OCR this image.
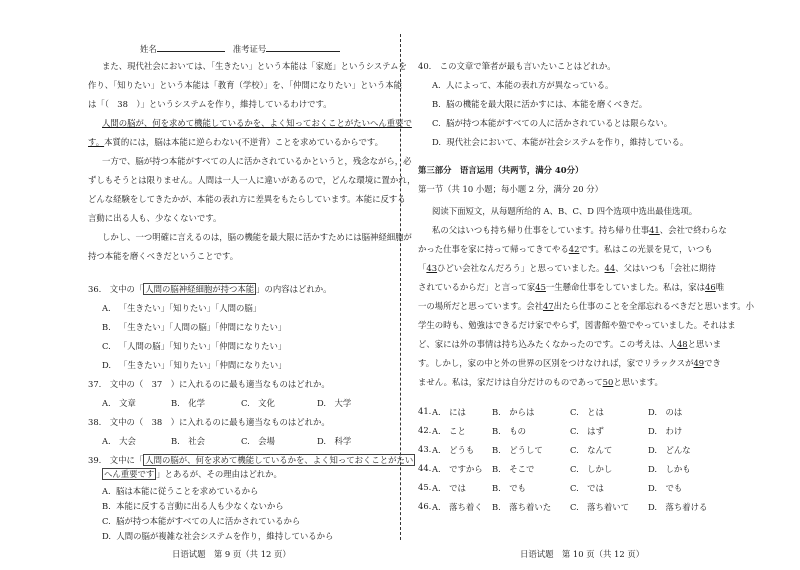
姓名	准考证号
また、現代社会においては、「生きたい」という本能は「家庭」というシステムを
作り、「知りたい」という本能は「教育（学校）」を、「仲間になりたい」という本能
は「（　38　）」というシステムを作り，維持しているわけです。
人間の脳が、何を求めて機能しているかを、よく知っておくことがたいへん重要で
す。本質的には，脳は本能に逆らわない(不逆背）ことを求めているからです。
一方で、脳が持つ本能がすべての人に活かされているかというと，残念ながら，必
ずしもそうとは限りません。人間は一人一人に違いがあるので，どんな環境に置かれ，
どんな経験をしてきたかが、本能の表れ方に差異をもたらしています。本能に反する
言動に出る人も、少なくないです。
しかし、一つ明確に言えるのは，脳の機能を最大限に活かすためには脳神経細胞が
持つ本能を磨くべきだということです。
36.　文中の「 人間の脳神経細胞が持つ本能 」の内容はどれか。
A. 「生きたい」「知りたい」「人間の脳」
B. 「生きたい」「人間の脳」「仲間になりたい」
C. 「人間の脳」「知りたい」「仲間になりたい」
D. 「生きたい」「知りたい」「仲間になりたい」
37.　文中の（　37　）に入れるのに最も適当なものはどれか。
A.　文章	B.　化学	C.　文化	D.　大学
38.　文中の（　38　）に入れるのに最も適当なものはどれか。
A.　大会	B.　社会	C.　会場	D.　科学
39.　文中に「 人間の脳が、何を求めて機能しているかを、よく知っておくことがたい
へん重要です 」とあるが、その理由はどれか。
A. 脳は本能に従うことを求めているから
B. 本能に反する言動に出る人も少なくないから
C. 脳が持つ本能がすべての人に活かされているから
D. 人間の脳が複雑な社会システムを作り，維持しているから
日语试题　第 9 页（共 12 页）
40.　この文章で筆者が最も言いたいことはどれか。
A. 人によって、本能の表れ方が異なっている。
B. 脳の機能を最大限に活かすには、本能を磨くべきだ。
C. 脳が持つ本能がすべての人に活かされているとは限らない。
D. 現代社会において、本能が社会システムを作り，維持している。
第三部分　语言运用（共两节，满分 40分）
第一节（共 10 小题；每小题 2 分，满分 20 分）
阅读下面短文，从每题所给的 A、B、C、D 四个选项中选出最佳选项。
私の父はいつも持ち帰り仕事をしています。持ち帰り仕事41、会社で終わらな
かった仕事を家に持って帰ってきてやる42です。私はこの光景を見て，いつも
「43ひどい会社なんだろう」と思っていました。44、父はいつも「会社に期待
されているからだ」と言って家45一生懸命仕事をしていました。私は，家は46唯
一の場所だと思っています。会社47出たら仕事のことを全部忘れるべきだと思います。小
学生の時も、勉強はできるだけ家でやらず，図書館や塾でやっていました。それはま
ど、家には外の事情は持ち込みたくなかったのです。この考えは、人48と思いま
す。しかし，家の中と外の世界の区別をつけなければ，家でリラックスが49でき
ません。私は，家だけは自分だけのものであって50と思います。
41. A.　には	B.　からは	C.　とは	D.　のは
42. A.　こと	B.　もの	C.　はず	D.　わけ
43. A.　どうも B.　どうして	C.　なんて	D.　どんな
44. A.　ですから B.　そこで	C.　しかし	D.　しかも
45. A.　では	B.　でも	C.　では	D.　でも
46. A.　落ち着く B.　落ち着いた C.　落ち着いて D.　落ち着ける
日语试题　第 10 页（共 12 页）
